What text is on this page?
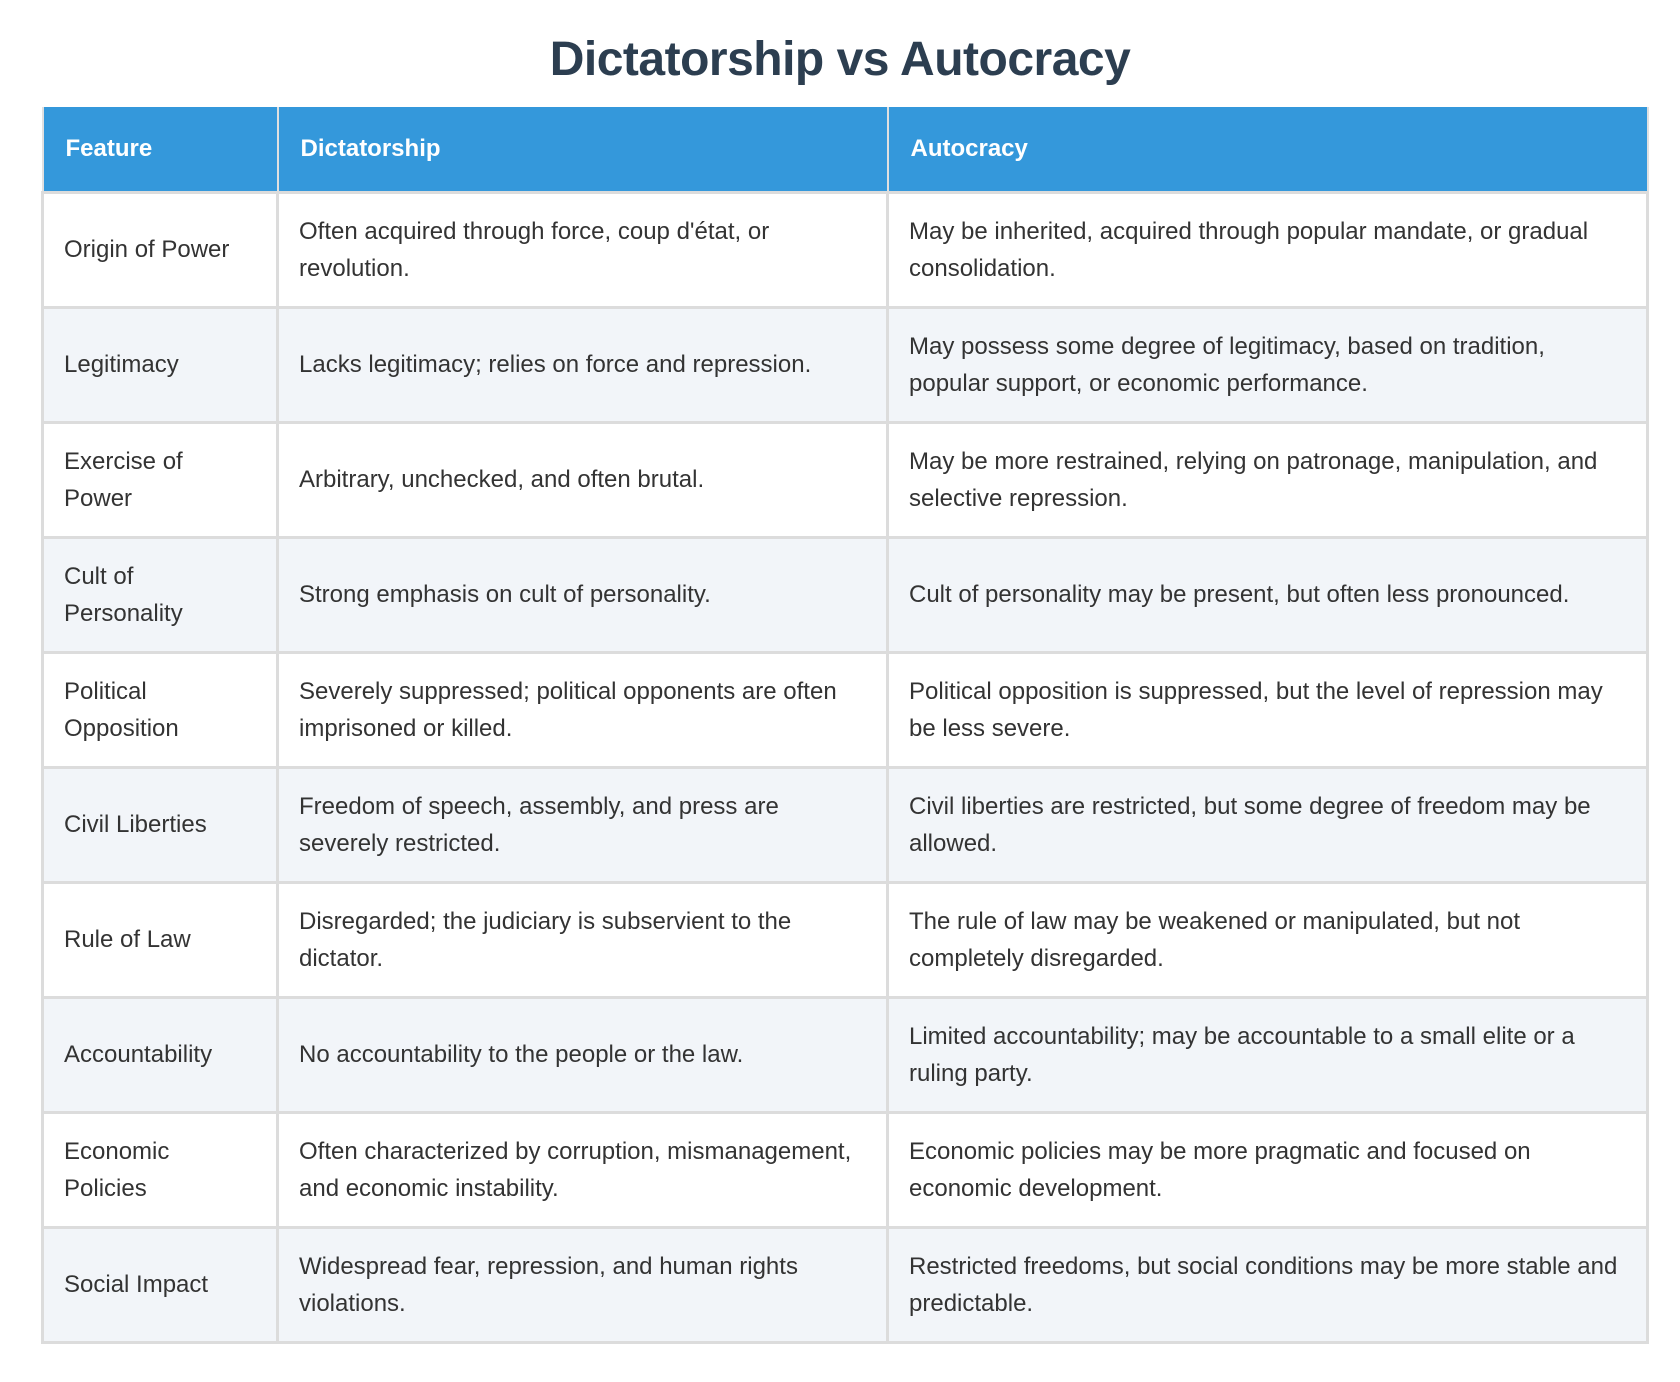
Dictatorship vs Autocracy
Feature	Dictatorship	Autocracy
Origin of Power	Often acquired through force, coup d'état, or revolution.	May be inherited, acquired through popular mandate, or gradual consolidation.
Legitimacy	Lacks legitimacy; relies on force and repression.	May possess some degree of legitimacy, based on tradition, popular support, or economic performance.
Exercise of Power	Arbitrary, unchecked, and often brutal.	May be more restrained, relying on patronage, manipulation, and selective repression.
Cult of Personality	Strong emphasis on cult of personality.	Cult of personality may be present, but often less pronounced.
Political Opposition	Severely suppressed; political opponents are often imprisoned or killed.	Political opposition is suppressed, but the level of repression may be less severe.
Civil Liberties	Freedom of speech, assembly, and press are severely restricted.	Civil liberties are restricted, but some degree of freedom may be allowed.
Rule of Law	Disregarded; the judiciary is subservient to the dictator.	The rule of law may be weakened or manipulated, but not completely disregarded.
Accountability	No accountability to the people or the law.	Limited accountability; may be accountable to a small elite or a ruling party.
Economic Policies	Often characterized by corruption, mismanagement, and economic instability.	Economic policies may be more pragmatic and focused on economic development.
Social Impact	Widespread fear, repression, and human rights violations.	Restricted freedoms, but social conditions may be more stable and predictable.
